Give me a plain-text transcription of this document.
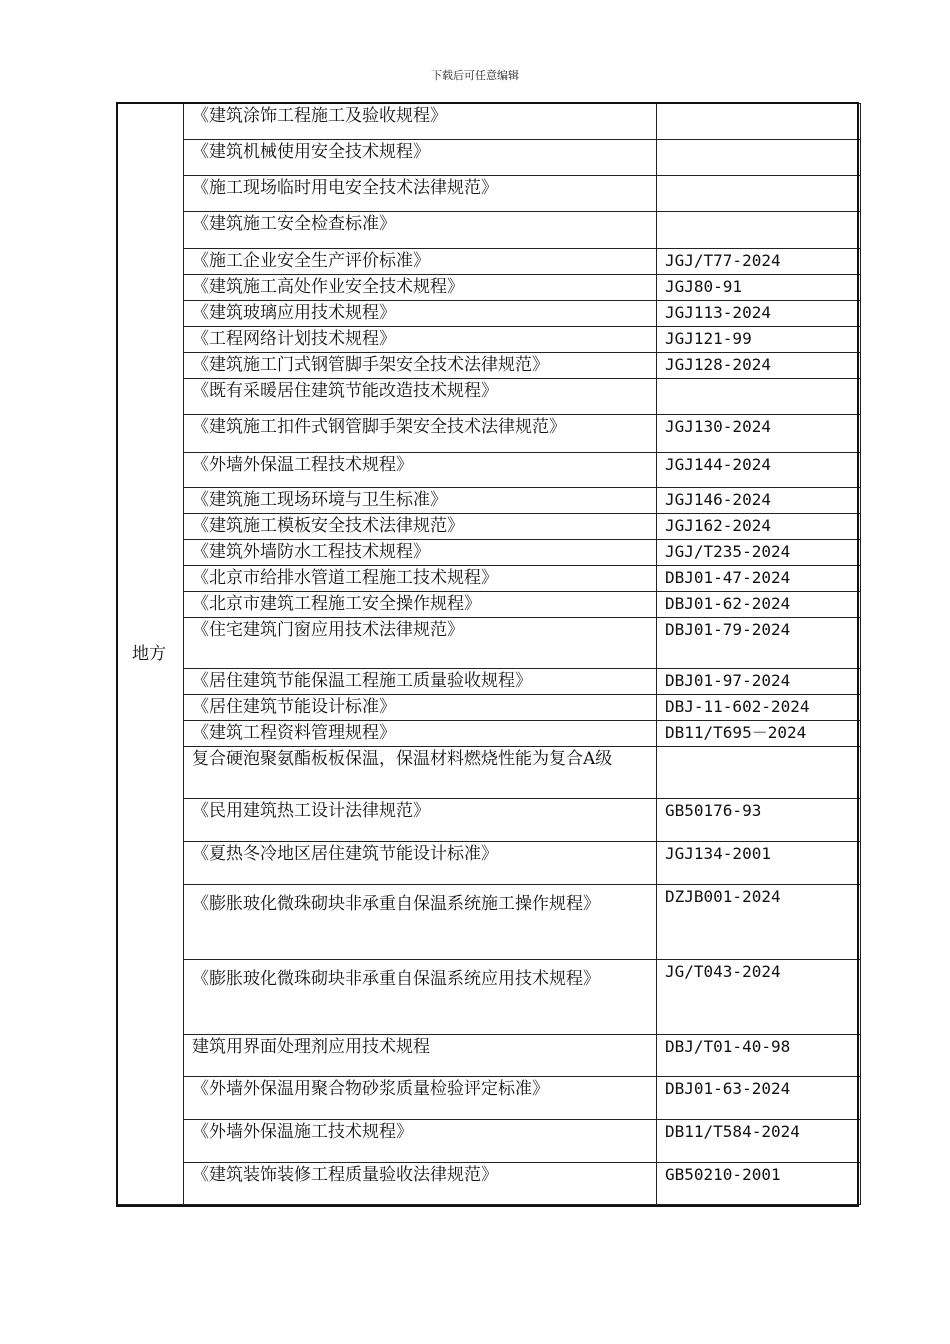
下载后可任意编辑
地方	《建筑涂饰工程施工及验收规程》	
	《建筑机械使用安全技术规程》	
	《施工现场临时用电安全技术法律规范》	
	《建筑施工安全检查标准》	
	《施工企业安全生产评价标准》	JGJ/T77-2024
	《建筑施工高处作业安全技术规程》	JGJ80-91
	《建筑玻璃应用技术规程》	JGJ113-2024
	《工程网络计划技术规程》	JGJ121-99
	《建筑施工门式钢管脚手架安全技术法律规范》	JGJ128-2024
	《既有采暖居住建筑节能改造技术规程》	
	《建筑施工扣件式钢管脚手架安全技术法律规范》	JGJ130-2024
	《外墙外保温工程技术规程》	JGJ144-2024
	《建筑施工现场环境与卫生标准》	JGJ146-2024
	《建筑施工模板安全技术法律规范》	JGJ162-2024
	《建筑外墙防水工程技术规程》	JGJ/T235-2024
	《北京市给排水管道工程施工技术规程》	DBJ01-47-2024
	《北京市建筑工程施工安全操作规程》	DBJ01-62-2024
	《住宅建筑门窗应用技术法律规范》	DBJ01-79-2024
	《居住建筑节能保温工程施工质量验收规程》	DBJ01-97-2024
	《居住建筑节能设计标准》	DBJ-11-602-2024
	《建筑工程资料管理规程》	DB11/T695－2024
	复合硬泡聚氨酯板板保温，保温材料燃烧性能为复合A级	
	《民用建筑热工设计法律规范》	GB50176-93
	《夏热冬冷地区居住建筑节能设计标准》	JGJ134-2001
	《膨胀玻化微珠砌块非承重自保温系统施工操作规程》	DZJB001-2024
	《膨胀玻化微珠砌块非承重自保温系统应用技术规程》	JG/T043-2024
	建筑用界面处理剂应用技术规程	DBJ/T01-40-98
	《外墙外保温用聚合物砂浆质量检验评定标准》	DBJ01-63-2024
	《外墙外保温施工技术规程》	DB11/T584-2024
	《建筑装饰装修工程质量验收法律规范》	GB50210-2001
